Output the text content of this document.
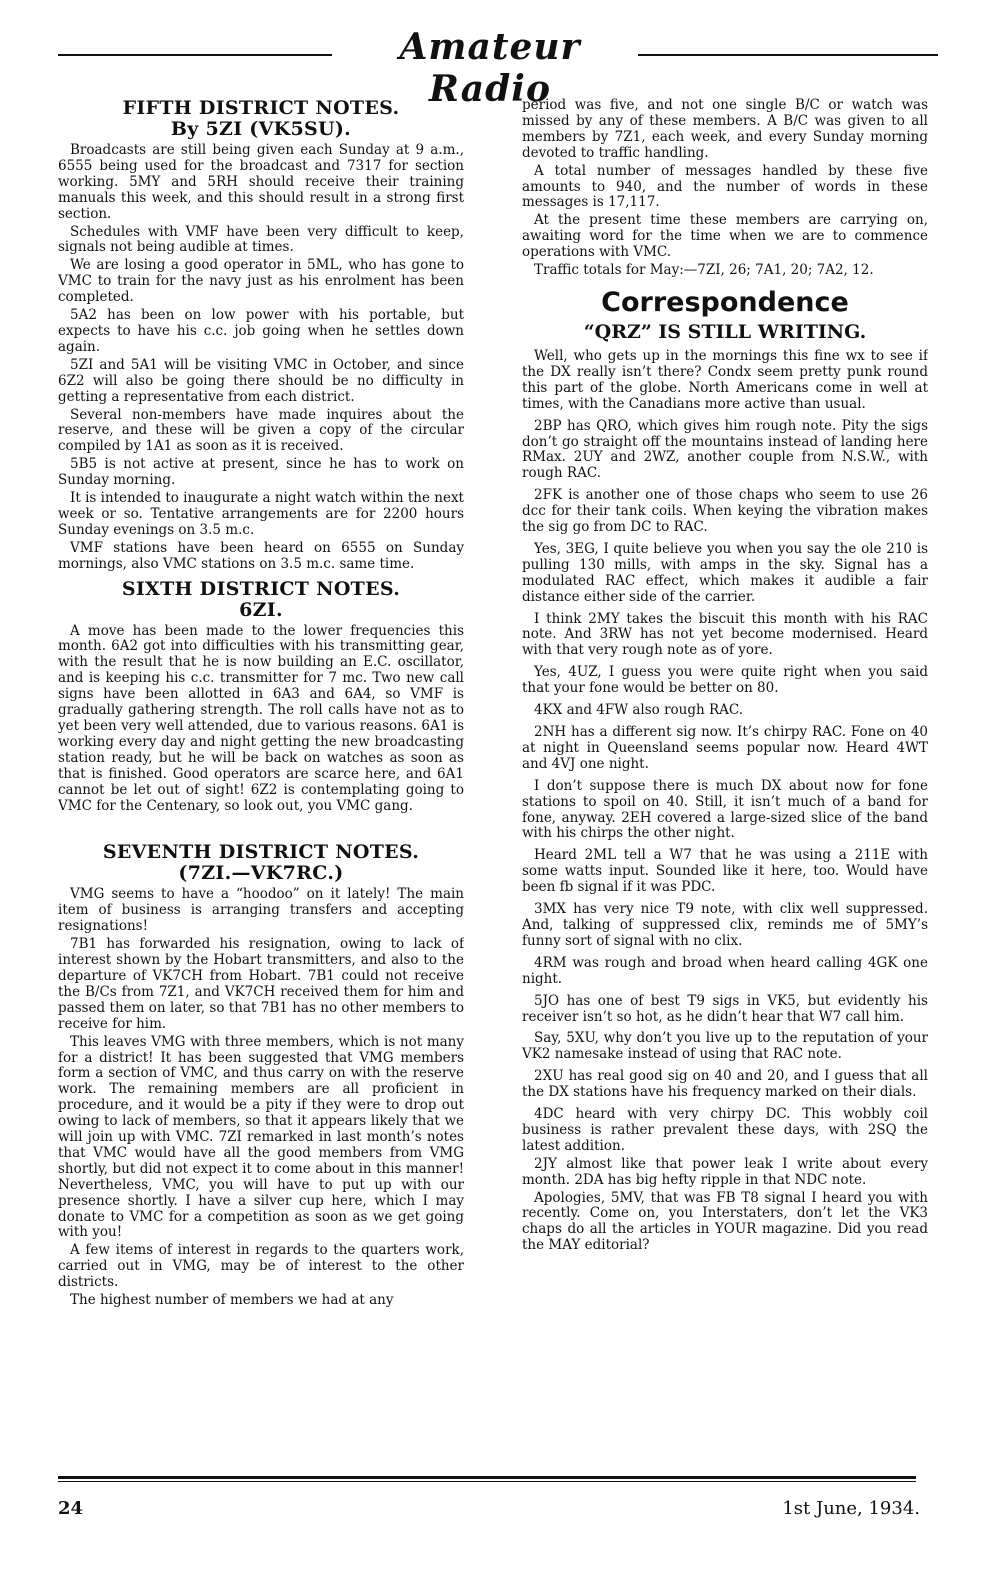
Amateur Radio
FIFTH DISTRICT NOTES.
By 5ZI (VK5SU).

Broadcasts are still being given each Sunday at 9 a.m., 6555 being used for the broadcast and 7317 for section working. 5MY and 5RH should receive their training manuals this week, and this should result in a strong first section.

Schedules with VMF have been very difficult to keep, signals not being audible at times.

We are losing a good operator in 5ML, who has gone to VMC to train for the navy just as his enrolment has been completed.

5A2 has been on low power with his portable, but expects to have his c.c. job going when he settles down again.

5ZI and 5A1 will be visiting VMC in October, and since 6Z2 will also be going there should be no difficulty in getting a representative from each district.

Several non-members have made inquires about the reserve, and these will be given a copy of the circular compiled by 1A1 as soon as it is received.

5B5 is not active at present, since he has to work on Sunday morning.

It is intended to inaugurate a night watch within the next week or so. Tentative arrangements are for 2200 hours Sunday evenings on 3.5 m.c.

VMF stations have been heard on 6555 on Sunday mornings, also VMC stations on 3.5 m.c. same time.

SIXTH DISTRICT NOTES.
6ZI.

A move has been made to the lower frequencies this month. 6A2 got into difficulties with his transmitting gear, with the result that he is now building an E.C. oscillator, and is keeping his c.c. transmitter for 7 mc. Two new call signs have been allotted in 6A3 and 6A4, so VMF is gradually gathering strength. The roll calls have not as to yet been very well attended, due to various reasons. 6A1 is working every day and night getting the new broadcasting station ready, but he will be back on watches as soon as that is finished. Good operators are scarce here, and 6A1 cannot be let out of sight! 6Z2 is contemplating going to VMC for the Centenary, so look out, you VMC gang.

SEVENTH DISTRICT NOTES.
(7ZI.—VK7RC.)

VMG seems to have a “hoodoo” on it lately! The main item of business is arranging transfers and accepting resignations!

7B1 has forwarded his resignation, owing to lack of interest shown by the Hobart transmitters, and also to the departure of VK7CH from Hobart. 7B1 could not receive the B/Cs from 7Z1, and VK7CH received them for him and passed them on later, so that 7B1 has no other members to receive for him.

This leaves VMG with three members, which is not many for a district! It has been suggested that VMG members form a section of VMC, and thus carry on with the reserve work. The remaining members are all proficient in procedure, and it would be a pity if they were to drop out owing to lack of members, so that it appears likely that we will join up with VMC. 7ZI remarked in last month’s notes that VMC would have all the good members from VMG shortly, but did not expect it to come about in this manner! Nevertheless, VMC, you will have to put up with our presence shortly. I have a silver cup here, which I may donate to VMC for a competition as soon as we get going with you!

A few items of interest in regards to the quarters work, carried out in VMG, may be of interest to the other districts.

The highest number of members we had at any

period was five, and not one single B/C or watch was missed by any of these members. A B/C was given to all members by 7Z1, each week, and every Sunday morning devoted to traffic handling.

A total number of messages handled by these five amounts to 940, and the number of words in these messages is 17,117.

At the present time these members are carrying on, awaiting word for the time when we are to commence operations with VMC.

Traffic totals for May:—7ZI, 26; 7A1, 20; 7A2, 12.

Correspondence
“QRZ” IS STILL WRITING.

Well, who gets up in the mornings this fine wx to see if the DX really isn’t there? Condx seem pretty punk round this part of the globe. North Americans come in well at times, with the Canadians more active than usual.

2BP has QRO, which gives him rough note. Pity the sigs don’t go straight off the mountains instead of landing here RMax. 2UY and 2WZ, another couple from N.S.W., with rough RAC.

2FK is another one of those chaps who seem to use 26 dcc for their tank coils. When keying the vibration makes the sig go from DC to RAC.

Yes, 3EG, I quite believe you when you say the ole 210 is pulling 130 mills, with amps in the sky. Signal has a modulated RAC effect, which makes it audible a fair distance either side of the carrier.

I think 2MY takes the biscuit this month with his RAC note. And 3RW has not yet become modernised. Heard with that very rough note as of yore.

Yes, 4UZ, I guess you were quite right when you said that your fone would be better on 80.

4KX and 4FW also rough RAC.

2NH has a different sig now. It’s chirpy RAC. Fone on 40 at night in Queensland seems popular now. Heard 4WT and 4VJ one night.

I don’t suppose there is much DX about now for fone stations to spoil on 40. Still, it isn’t much of a band for fone, anyway. 2EH covered a large-sized slice of the band with his chirps the other night.

Heard 2ML tell a W7 that he was using a 211E with some watts input. Sounded like it here, too. Would have been fb signal if it was PDC.

3MX has very nice T9 note, with clix well suppressed. And, talking of suppressed clix, reminds me of 5MY’s funny sort of signal with no clix.

4RM was rough and broad when heard calling 4GK one night.

5JO has one of best T9 sigs in VK5, but evidently his receiver isn’t so hot, as he didn’t hear that W7 call him.

Say, 5XU, why don’t you live up to the reputation of your VK2 namesake instead of using that RAC note.

2XU has real good sig on 40 and 20, and I guess that all the DX stations have his frequency marked on their dials.

4DC heard with very chirpy DC. This wobbly coil business is rather prevalent these days, with 2SQ the latest addition.

2JY almost like that power leak I write about every month. 2DA has big hefty ripple in that NDC note.

Apologies, 5MV, that was FB T8 signal I heard you with recently. Come on, you Interstaters, don’t let the VK3 chaps do all the articles in YOUR magazine. Did you read the MAY editorial?

24	1st June, 1934.
